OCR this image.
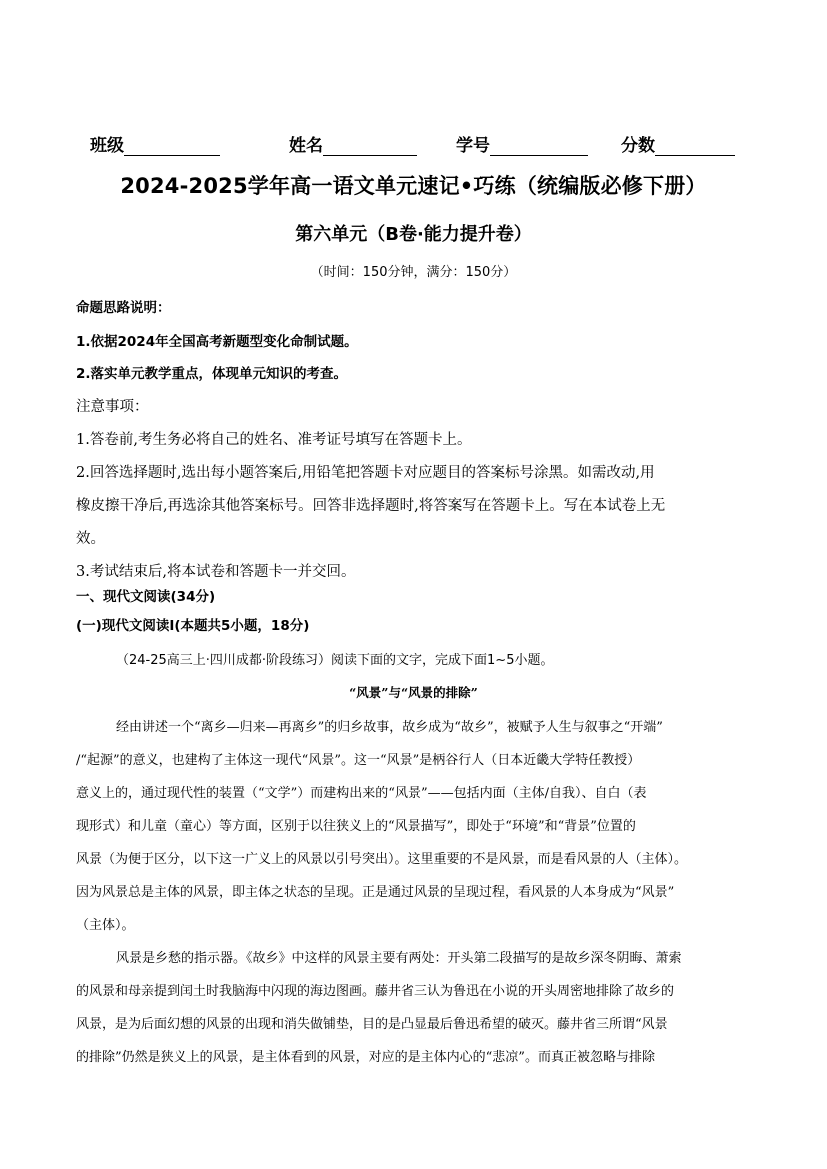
班级	姓名	学号	分数
2024-2025学年高一语文单元速记•巧练（统编版必修下册）
第六单元（B卷·能力提升卷）
（时间：150分钟，满分：150分）
命题思路说明：
1.依据2024年全国高考新题型变化命制试题。
2.落实单元教学重点，体现单元知识的考查。
注意事项：
1.答卷前,考生务必将自己的姓名、准考证号填写在答题卡上。
2.回答选择题时,选出每小题答案后,用铅笔把答题卡对应题目的答案标号涂黑。如需改动,用
橡皮擦干净后,再选涂其他答案标号。回答非选择题时,将答案写在答题卡上。写在本试卷上无
效。
3.考试结束后,将本试卷和答题卡一并交回。
一、现代文阅读(34分)
(一)现代文阅读Ⅰ(本题共5小题，18分)
（24-25高三上·四川成都·阶段练习）阅读下面的文字，完成下面1~5小题。
“风景”与“风景的排除”
经由讲述一个“离乡—归来—再离乡”的归乡故事，故乡成为“故乡”，被赋予人生与叙事之“开端”
/“起源”的意义，也建构了主体这一现代“风景”。这一“风景”是柄谷行人（日本近畿大学特任教授）
意义上的，通过现代性的装置（“文学”）而建构出来的“风景”——包括内面（主体/自我）、自白（表
现形式）和儿童（童心）等方面，区别于以往狭义上的“风景描写”，即处于“环境”和“背景”位置的
风景（为便于区分，以下这一广义上的风景以引号突出）。这里重要的不是风景，而是看风景的人（主体）。
因为风景总是主体的风景，即主体之状态的呈现。正是通过风景的呈现过程，看风景的人本身成为“风景”
（主体）。
风景是乡愁的指示器。《故乡》中这样的风景主要有两处：开头第二段描写的是故乡深冬阴晦、萧索
的风景和母亲提到闰土时我脑海中闪现的海边图画。藤井省三认为鲁迅在小说的开头周密地排除了故乡的
风景，是为后面幻想的风景的出现和消失做铺垫，目的是凸显最后鲁迅希望的破灭。藤井省三所谓“风景
的排除”仍然是狭义上的风景，是主体看到的风景，对应的是主体内心的“悲凉”。而真正被忽略与排除
